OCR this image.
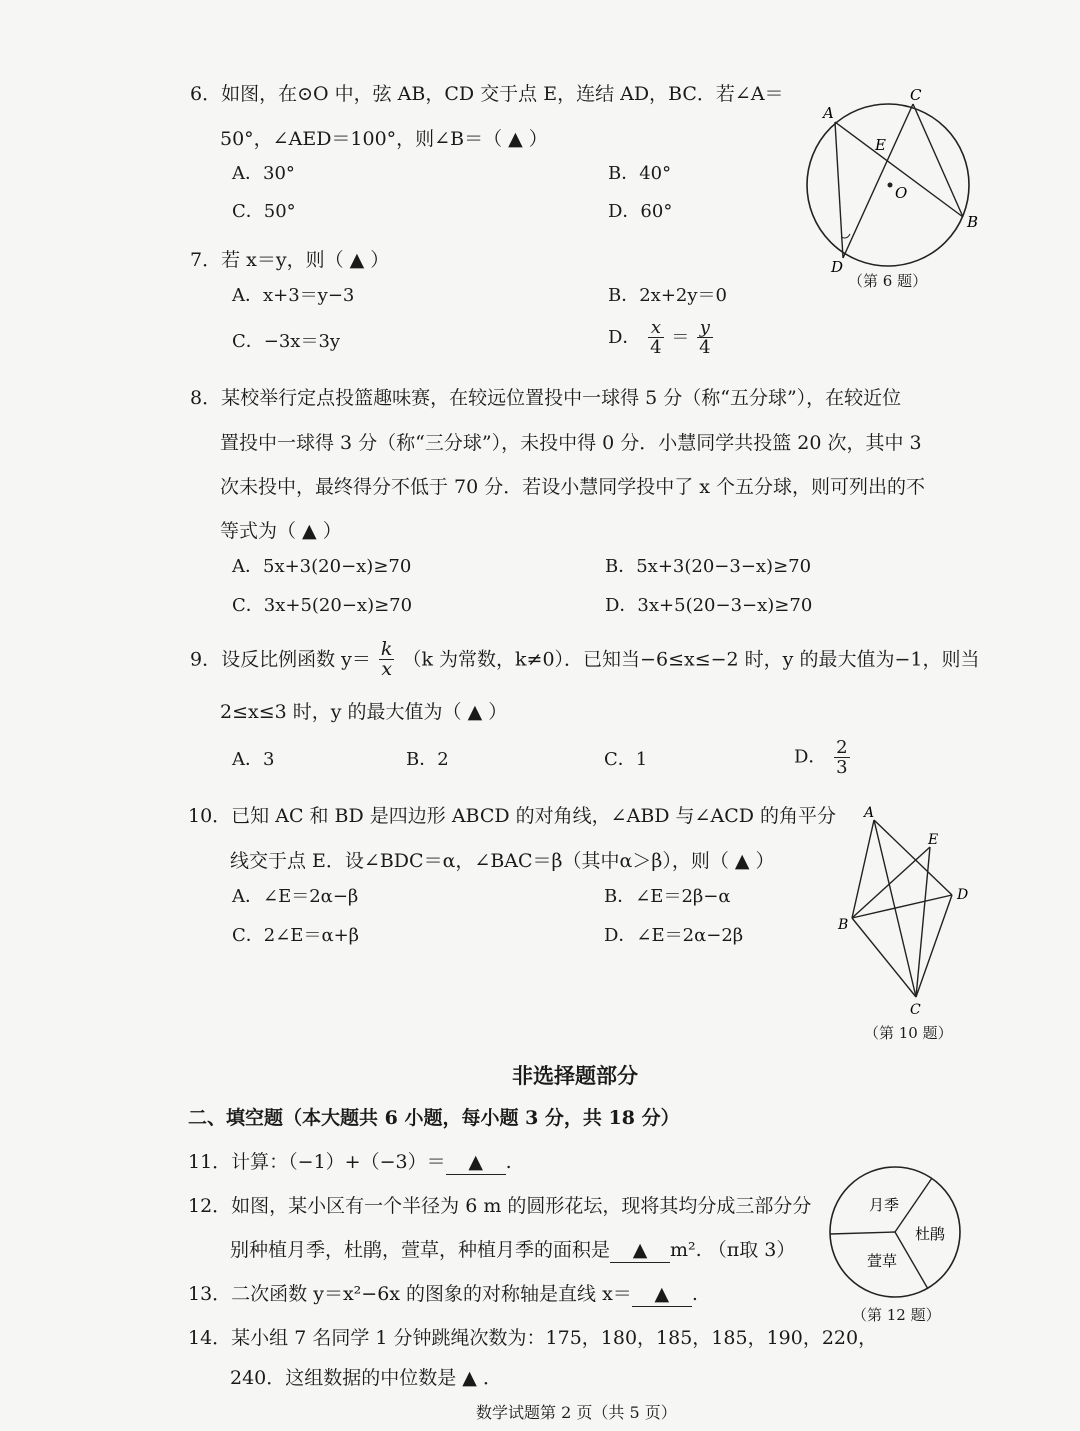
6．如图，在⊙O 中，弦 AB，CD 交于点 E，连结 AD，BC．若∠A＝
50°，∠AED＝100°，则∠B＝（ ▲ ）
A．30°	B．40°
C．50°	D．60°
A
C
E
O
B
D
（第 6 题）
7．若 x＝y，则（ ▲ ）
A．x+3＝y−3	B．2x+2y＝0
C．−3x＝3y	D． $\frac{x}{4} = \frac{y}{4}$
8．某校举行定点投篮趣味赛，在较远位置投中一球得 5 分（称“五分球”），在较近位
置投中一球得 3 分（称“三分球”），未投中得 0 分．小慧同学共投篮 20 次，其中 3
次未投中，最终得分不低于 70 分．若设小慧同学投中了 x 个五分球，则可列出的不
等式为（ ▲ ）
A．5x+3(20−x)≥70	B．5x+3(20−3−x)≥70
C．3x+5(20−x)≥70	D．3x+5(20−3−x)≥70
9．设反比例函数 $y= \frac{k}{x} (k$ 为常数，k≠0）．已知当−6≤x≤−2 时，y 的最大值为−1，则当
2≤x≤3 时，y 的最大值为（ ▲ ）
A．3	B．2	C．1	D． $\frac{2}{3}$
10．已知 AC 和 BD 是四边形 ABCD 的对角线，∠ABD 与∠ACD 的角平分
线交于点 E．设∠BDC＝α，∠BAC＝β（其中α＞β），则（ ▲ ）
A．∠E＝2α−β	B．∠E＝2β−α
C．2∠E＝α+β	D．∠E＝2α−2β
A
E
D
B
C
（第 10 题）
非选择题部分
二、填空题（本大题共 6 小题，每小题 3 分，共 18 分）
11．计算：（−1）+（−3）＝ ▲ .
12．如图，某小区有一个半径为 6 m 的圆形花坛，现将其均分成三部分分
别种植月季，杜鹃，萱草，种植月季的面积是 ▲ m². （π取 3）
月季
杜鹃
萱草
（第 12 题）
13．二次函数 y＝x²−6x 的图象的对称轴是直线 x＝ ▲ .
14．某小组 7 名同学 1 分钟跳绳次数为：175，180，185，185，190，220，
240．这组数据的中位数是 ▲ ．
数学试题第 2 页（共 5 页）
